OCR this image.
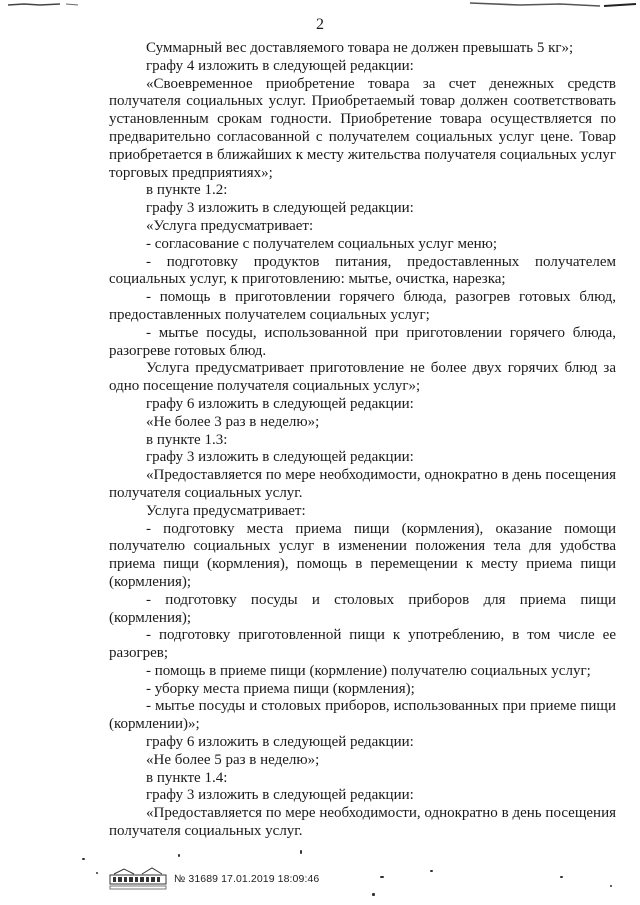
2

Суммарный вес доставляемого товара не должен превышать 5 кг»;

графу 4 изложить в следующей редакции:

«Своевременное приобретение товара за счет денежных средств получателя социальных услуг. Приобретаемый товар должен соответствовать установленным срокам годности. Приобретение товара осуществляется по предварительно согласованной с получателем социальных услуг цене. Товар приобретается в ближайших к месту жительства получателя социальных услуг торговых предприятиях»;

в пункте 1.2:

графу 3 изложить в следующей редакции:

«Услуга предусматривает:

- согласование с получателем социальных услуг меню;

- подготовку продуктов питания, предоставленных получателем социальных услуг, к приготовлению: мытье, очистка, нарезка;

- помощь в приготовлении горячего блюда, разогрев готовых блюд, предоставленных получателем социальных услуг;

- мытье посуды, использованной при приготовлении горячего блюда, разогреве готовых блюд.

Услуга предусматривает приготовление не более двух горячих блюд за одно посещение получателя социальных услуг»;

графу 6 изложить в следующей редакции:

«Не более 3 раз в неделю»;

в пункте 1.3:

графу 3 изложить в следующей редакции:

«Предоставляется по мере необходимости, однократно в день посещения получателя социальных услуг.

Услуга предусматривает:

- подготовку места приема пищи (кормления), оказание помощи получателю социальных услуг в изменении положения тела для удобства приема пищи (кормления), помощь в перемещении к месту приема пищи (кормления);

- подготовку посуды и столовых приборов для приема пищи (кормления);

- подготовку приготовленной пищи к употреблению, в том числе ее разогрев;

- помощь в приеме пищи (кормление) получателю социальных услуг;

- уборку места приема пищи (кормления);

- мытье посуды и столовых приборов, использованных при приеме пищи (кормлении)»;

графу 6 изложить в следующей редакции:

«Не более 5 раз в неделю»;

в пункте 1.4:

графу 3 изложить в следующей редакции:

«Предоставляется по мере необходимости, однократно в день посещения получателя социальных услуг.

№ 31689 17.01.2019 18:09:46
